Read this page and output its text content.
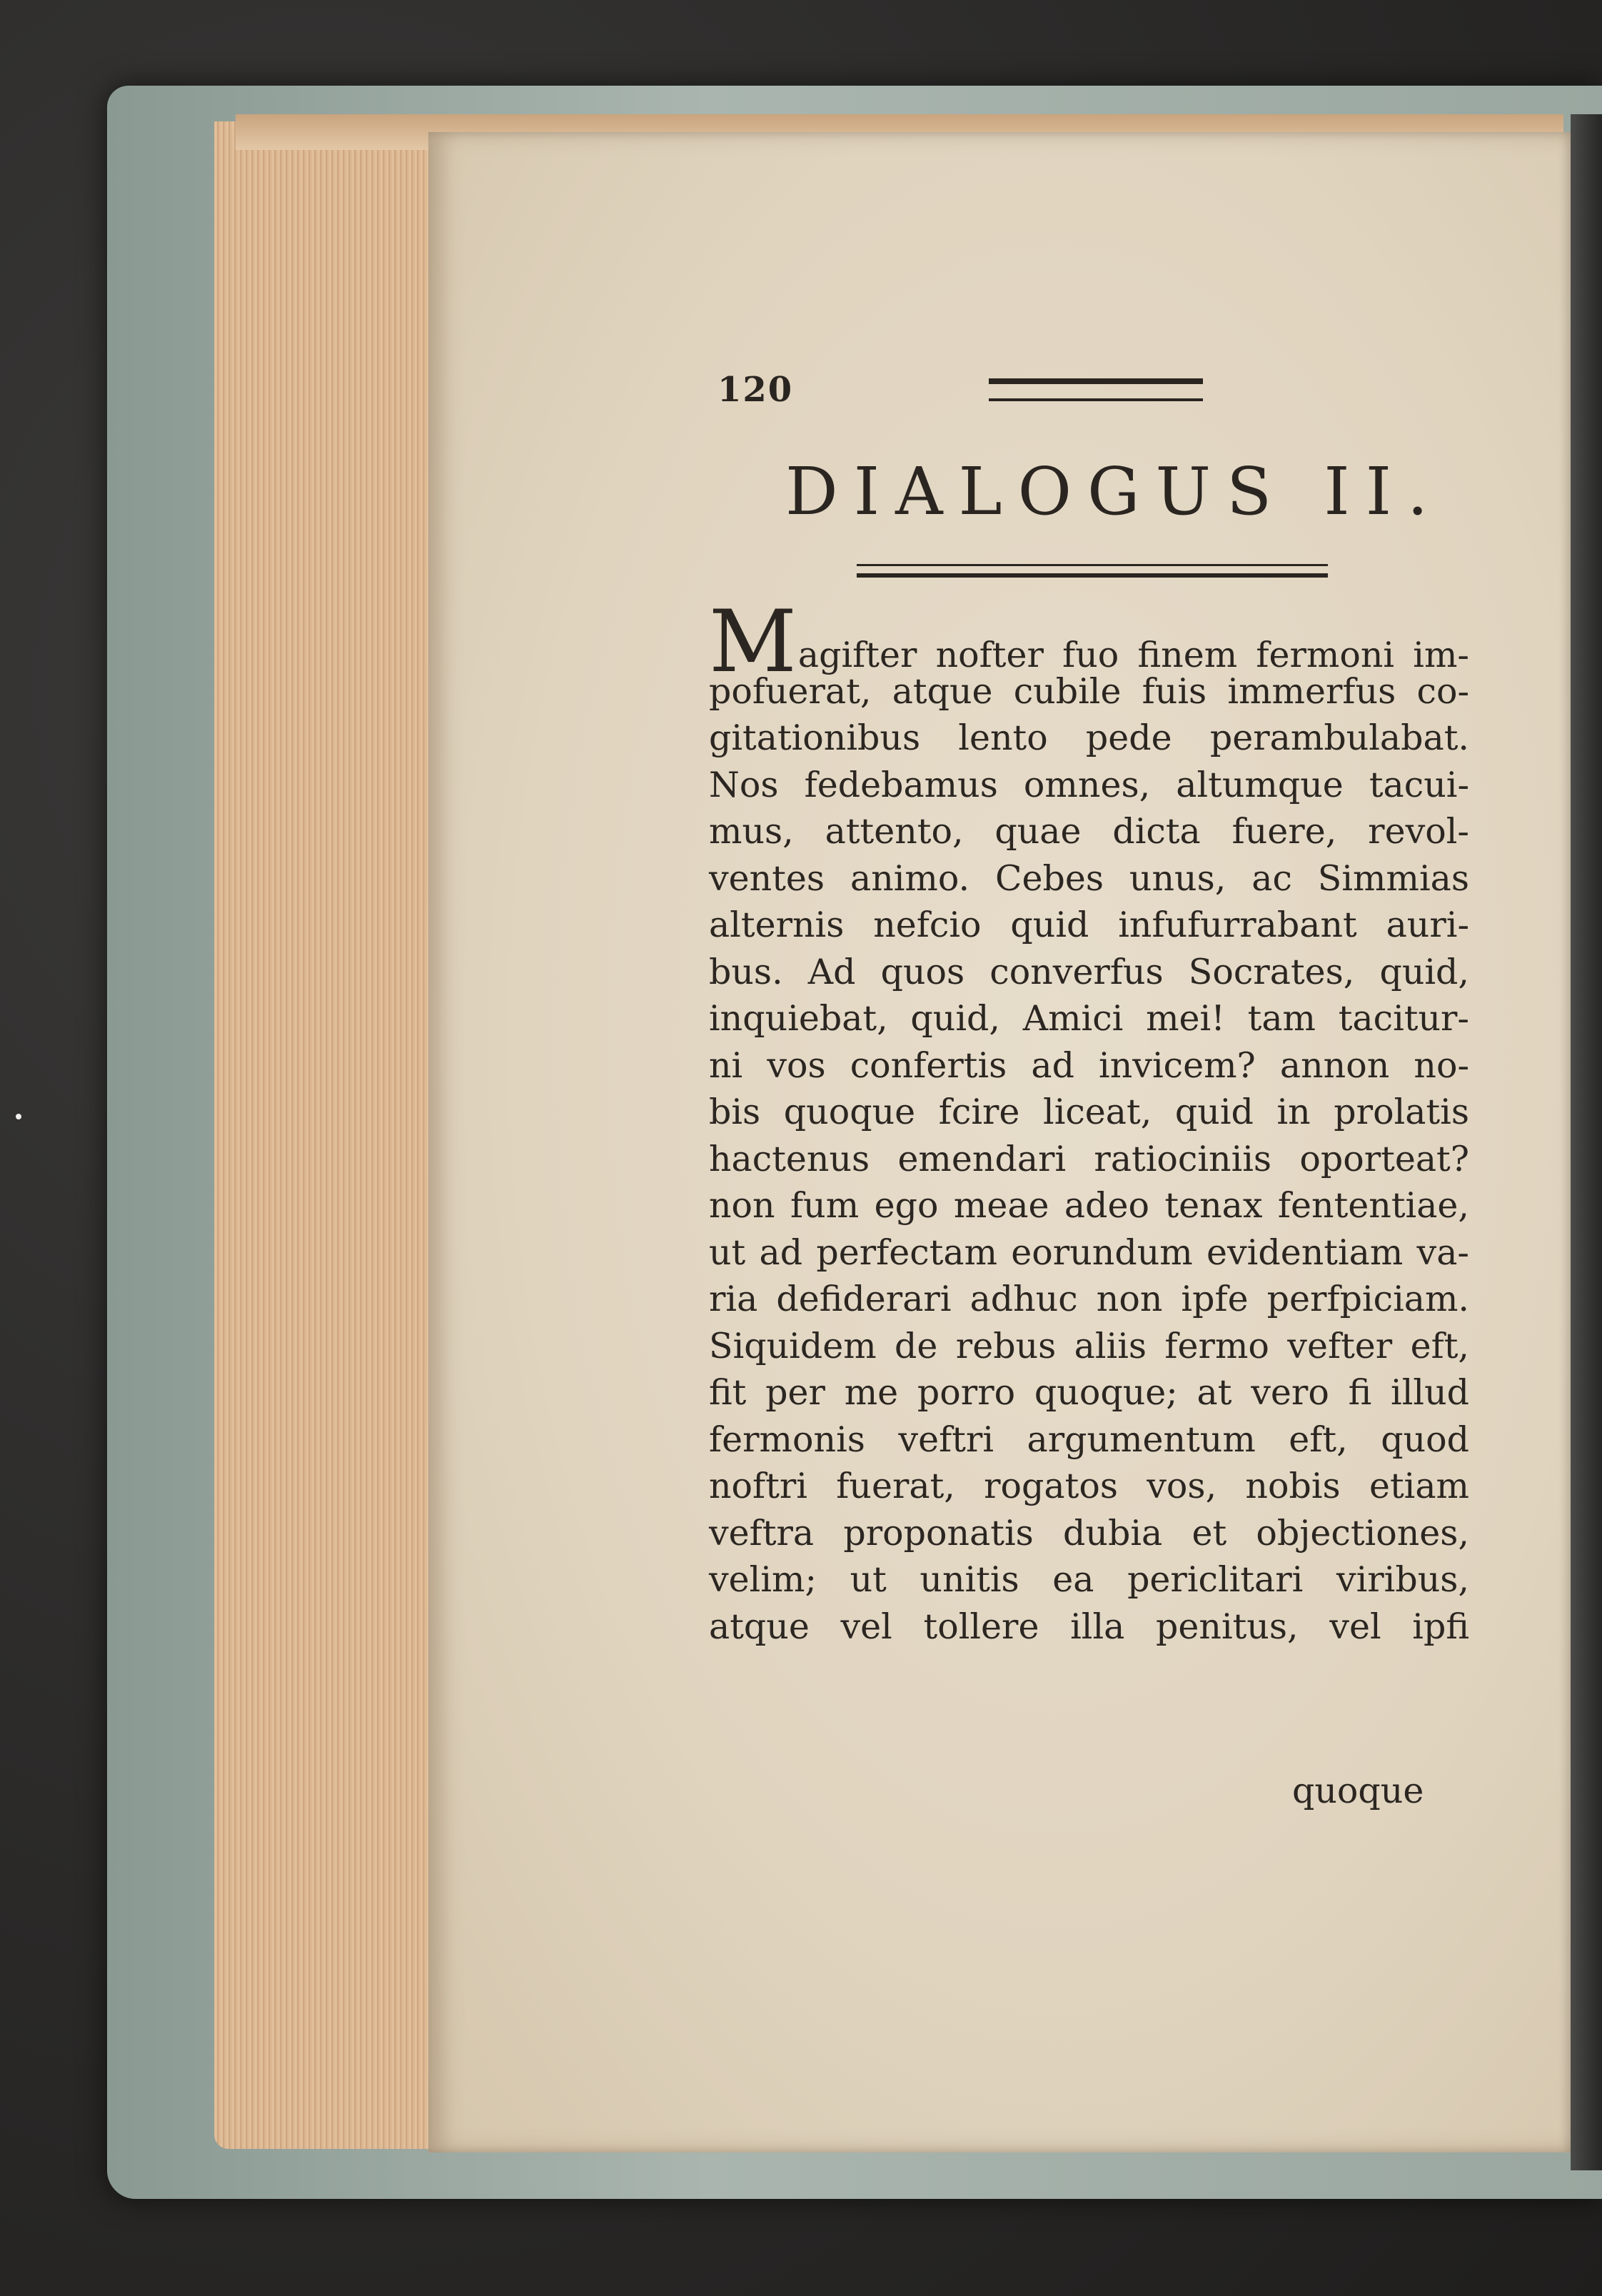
120
DIALOGUS II.
Magifter nofter fuo finem fermoni im-
pofuerat, atque cubile fuis immerfus co-
gitationibus lento pede perambulabat.
Nos fedebamus omnes, altumque tacui-
mus, attento, quae dicta fuere, revol-
ventes animo. Cebes unus, ac Simmias
alternis nefcio quid infufurrabant auri-
bus. Ad quos converfus Socrates, quid,
inquiebat, quid, Amici mei! tam tacitur-
ni vos confertis ad invicem? annon no-
bis quoque fcire liceat, quid in prolatis
hactenus emendari ratiociniis oporteat?
non fum ego meae adeo tenax fententiae,
ut ad perfectam eorundum evidentiam va-
ria defiderari adhuc non ipfe perfpiciam.
Siquidem de rebus aliis fermo vefter eft,
fit per me porro quoque; at vero fi illud
fermonis veftri argumentum eft, quod
noftri fuerat, rogatos vos, nobis etiam
veftra proponatis dubia et objectiones,
velim; ut unitis ea periclitari viribus,
atque vel tollere illa penitus, vel ipfi
quoque
